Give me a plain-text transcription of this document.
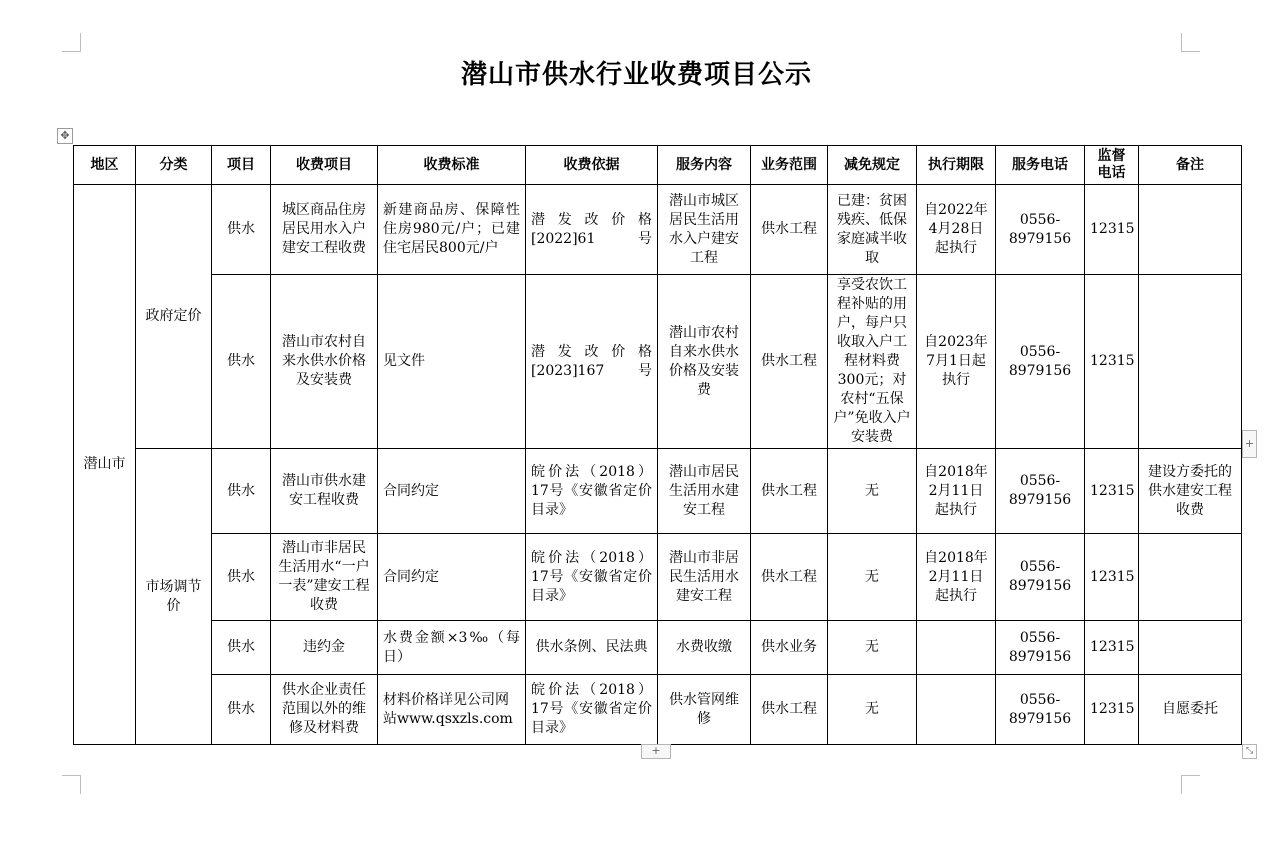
潜山市供水行业收费项目公示
✥
地区	分类	项目	收费项目	收费标准	收费依据	服务内容	业务范围	减免规定	执行期限	服务电话	监督电话	备注
潜山市	政府定价	供水	城区商品住房居民用水入户建安工程收费	新建商品房、保障性住房980元/户；已建住宅居民800元/户	潜发改价格[2022]61号	潜山市城区居民生活用水入户建安工程	供水工程	已建：贫困残疾、低保家庭减半收取	自2022年4月28日起执行	0556-8979156	12315	
		供水	潜山市农村自来水供水价格及安装费	见文件	潜发改价格[2023]167号	潜山市农村自来水供水价格及安装费	供水工程	享受农饮工程补贴的用户，每户只收取入户工程材料费300元；对农村“五保户”免收入户安装费	自2023年7月1日起执行	0556-8979156	12315	
	市场调节价	供水	潜山市供水建安工程收费	合同约定	皖价法（2018）17号《安徽省定价目录》	潜山市居民生活用水建安工程	供水工程	无	自2018年2月11日起执行	0556-8979156	12315	建设方委托的供水建安工程收费
		供水	潜山市非居民生活用水“一户一表”建安工程收费	合同约定	皖价法（2018）17号《安徽省定价目录》	潜山市非居民生活用水建安工程	供水工程	无	自2018年2月11日起执行	0556-8979156	12315	
		供水	违约金	水费金额×3‰（每日）	供水条例、民法典	水费收缴	供水业务	无		0556-8979156	12315	
		供水	供水企业责任范围以外的维修及材料费	材料价格详见公司网站www.qsxzls.com	皖价法（2018）17号《安徽省定价目录》	供水管网维修	供水工程	无		0556-8979156	12315	自愿委托
+
+	⤡
